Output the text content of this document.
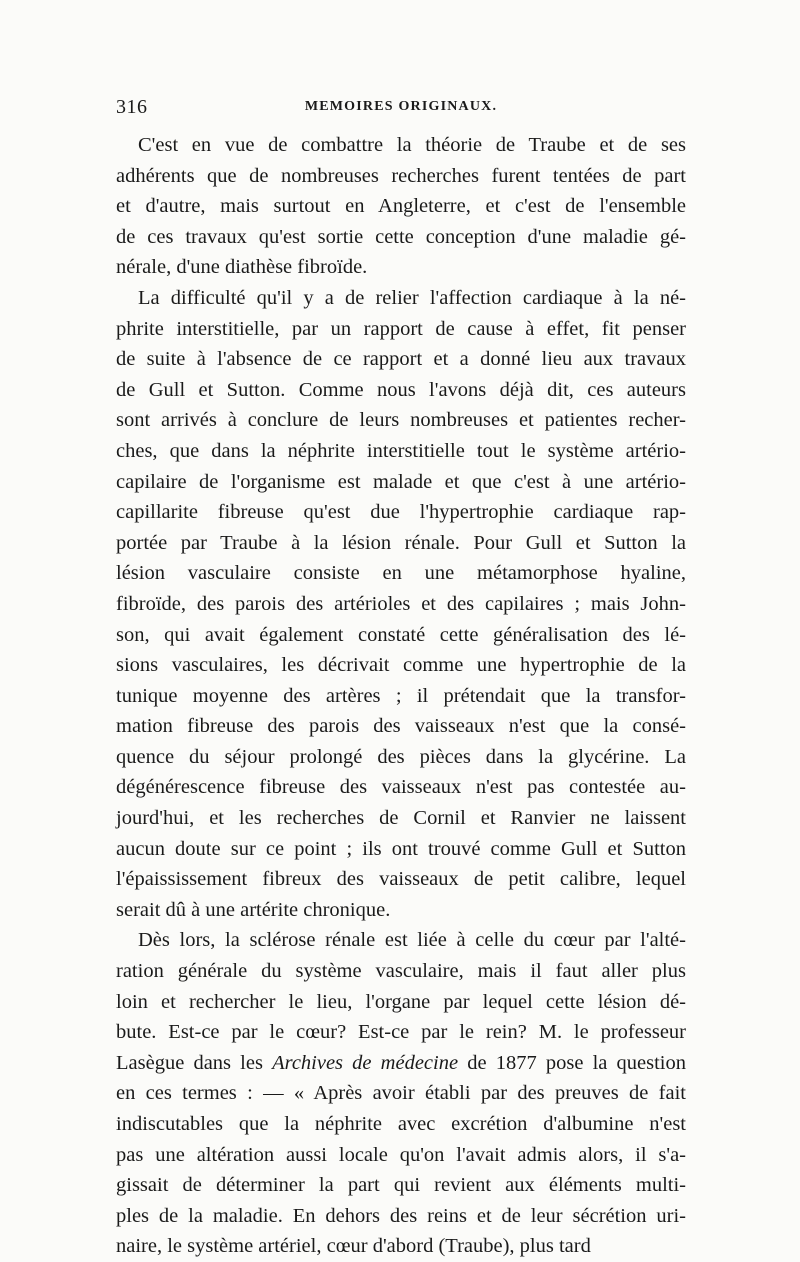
316	MEMOIRES ORIGINAUX.
C'est en vue de combattre la théorie de Traube et de ses
adhérents que de nombreuses recherches furent tentées de part
et d'autre, mais surtout en Angleterre, et c'est de l'ensemble
de ces travaux qu'est sortie cette conception d'une maladie gé-
nérale, d'une diathèse fibroïde.
La difficulté qu'il y a de relier l'affection cardiaque à la né-
phrite interstitielle, par un rapport de cause à effet, fit penser
de suite à l'absence de ce rapport et a donné lieu aux travaux
de Gull et Sutton. Comme nous l'avons déjà dit, ces auteurs
sont arrivés à conclure de leurs nombreuses et patientes recher-
ches, que dans la néphrite interstitielle tout le système artério-
capilaire de l'organisme est malade et que c'est à une artério-
capillarite fibreuse qu'est due l'hypertrophie cardiaque rap-
portée par Traube à la lésion rénale. Pour Gull et Sutton la
lésion vasculaire consiste en une métamorphose hyaline,
fibroïde, des parois des artérioles et des capilaires ; mais John-
son, qui avait également constaté cette généralisation des lé-
sions vasculaires, les décrivait comme une hypertrophie de la
tunique moyenne des artères ; il prétendait que la transfor-
mation fibreuse des parois des vaisseaux n'est que la consé-
quence du séjour prolongé des pièces dans la glycérine. La
dégénérescence fibreuse des vaisseaux n'est pas contestée au-
jourd'hui, et les recherches de Cornil et Ranvier ne laissent
aucun doute sur ce point ; ils ont trouvé comme Gull et Sutton
l'épaississement fibreux des vaisseaux de petit calibre, lequel
serait dû à une artérite chronique.
Dès lors, la sclérose rénale est liée à celle du cœur par l'alté-
ration générale du système vasculaire, mais il faut aller plus
loin et rechercher le lieu, l'organe par lequel cette lésion dé-
bute. Est-ce par le cœur? Est-ce par le rein? M. le professeur
Lasègue dans les Archives de médecine de 1877 pose la question
en ces termes : — « Après avoir établi par des preuves de fait
indiscutables que la néphrite avec excrétion d'albumine n'est
pas une altération aussi locale qu'on l'avait admis alors, il s'a-
gissait de déterminer la part qui revient aux éléments multi-
ples de la maladie. En dehors des reins et de leur sécrétion uri-
naire, le système artériel, cœur d'abord (Traube), plus tard
